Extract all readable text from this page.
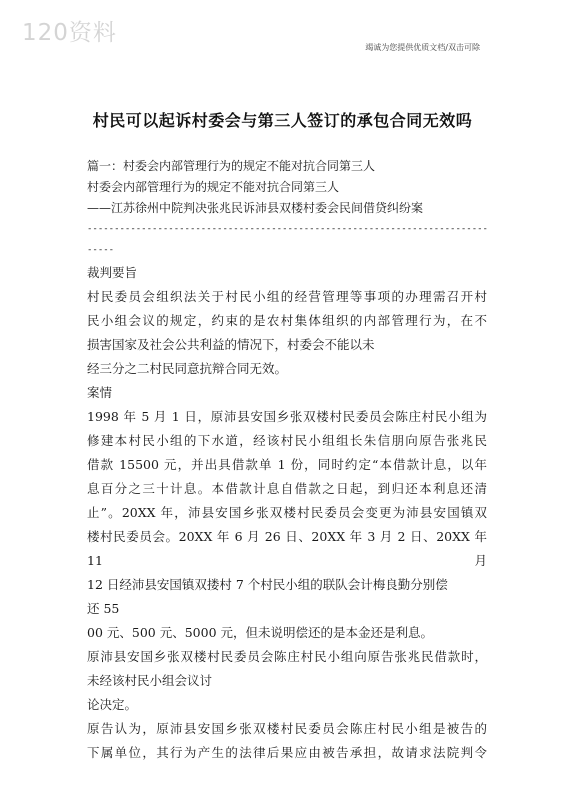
120资料
竭诚为您提供优质文档/双击可除
村民可以起诉村委会与第三人签订的承包合同无效吗

篇一：村委会内部管理行为的规定不能对抗合同第三人

村委会内部管理行为的规定不能对抗合同第三人

——江苏徐州中院判决张兆民诉沛县双楼村委会民间借贷纠纷案

--------------------------------------------------------------------------

-----

裁判要旨

村民委员会组织法关于村民小组的经营管理等事项的办理需召开村

民小组会议的规定，约束的是农村集体组织的内部管理行为，在不

损害国家及社会公共利益的情况下，村委会不能以未

经三分之二村民同意抗辩合同无效。

案情

1998 年 5 月 1 日，原沛县安国乡张双楼村民委员会陈庄村民小组为

修建本村民小组的下水道，经该村民小组组长朱信朋向原告张兆民

借款 15500 元，并出具借款单 1 份，同时约定“本借款计息，以年

息百分之三十计息。本借款计息自借款之日起，到归还本利息还清

止”。20XX 年，沛县安国乡张双楼村民委员会变更为沛县安国镇双

楼村民委员会。20XX 年 6 月 26 日、20XX 年 3 月 2 日、20XX 年 11 月

12 日经沛县安国镇双搂村 7 个村民小组的联队会计梅良勤分别偿

还 55

00 元、500 元、5000 元，但未说明偿还的是本金还是利息。

原沛县安国乡张双楼村民委员会陈庄村民小组向原告张兆民借款时，

未经该村民小组会议讨

论决定。

原告认为，原沛县安国乡张双楼村民委员会陈庄村民小组是被告的

下属单位，其行为产生的法律后果应由被告承担，故请求法院判令
